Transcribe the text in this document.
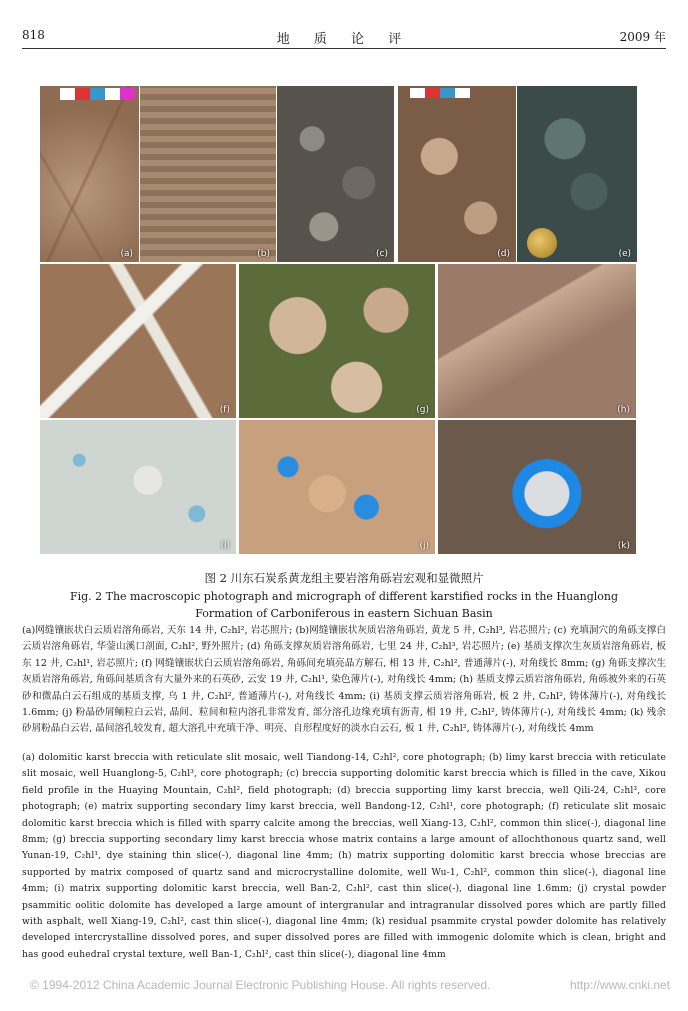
818	地 质 论 评	2009 年
(a)	(b)	(c)	(d)	(e)
(f)	(g)	(h)
(i)	(j)	(k)
图 2 川东石炭系黄龙组主要岩溶角砾岩宏观和显微照片
Fig. 2 The macroscopic photograph and micrograph of different karstified rocks in the Huanglong Formation of Carboniferous in eastern Sichuan Basin
(a)网缝镶嵌状白云质岩溶角砾岩, 天东 14 井, C₂hl², 岩芯照片; (b)网缝镶嵌状灰质岩溶角砾岩, 黄龙 5 井, C₂hl³, 岩芯照片; (c) 充填洞穴的角砾支撑白云质岩溶角砾岩, 华蓥山溪口剖面, C₂hl², 野外照片; (d) 角砾支撑灰质岩溶角砾岩, 七里 24 井, C₂hl³, 岩芯照片; (e) 基质支撑次生灰质岩溶角砾岩, 板东 12 井, C₂hl¹, 岩芯照片; (f) 网缝镶嵌状白云质岩溶角砾岩, 角砾间充填亮晶方解石, 相 13 井, C₂hl², 普通薄片(-), 对角线长 8mm; (g) 角砾支撑次生灰质岩溶角砾岩, 角砾间基质含有大量外来的石英砂, 云安 19 井, C₂hl¹, 染色薄片(-), 对角线长 4mm; (h) 基质支撑云质岩溶角砾岩, 角砾被外来的石英砂和微晶白云石组成的基质支撑, 乌 1 井, C₂hl², 普通薄片(-), 对角线长 4mm; (i) 基质支撑云质岩溶角砾岩, 板 2 井, C₂hl², 铸体薄片(-), 对角线长 1.6mm; (j) 粉晶砂屑鲕粒白云岩, 晶间、粒间和粒内溶孔非常发育, 部分溶孔边缘充填有沥青, 相 19 井, C₂hl², 铸体薄片(-), 对角线长 4mm; (k) 残余砂屑粉晶白云岩, 晶间溶孔较发育, 超大溶孔中充填干净、明亮、自形程度好的淡水白云石, 板 1 井, C₂hl², 铸体薄片(-), 对角线长 4mm
(a) dolomitic karst breccia with reticulate slit mosaic, well Tiandong-14, C₂hl², core photograph; (b) limy karst breccia with reticulate slit mosaic, well Huanglong-5, C₂hl³, core photograph; (c) breccia supporting dolomitic karst breccia which is filled in the cave, Xikou field profile in the Huaying Mountain, C₂hl², field photograph; (d) breccia supporting limy karst breccia, well Qili-24, C₂hl³, core photograph; (e) matrix supporting secondary limy karst breccia, well Bandong-12, C₂hl¹, core photograph; (f) reticulate slit mosaic dolomitic karst breccia which is filled with sparry calcite among the breccias, well Xiang-13, C₂hl², common thin slice(-), diagonal line 8mm; (g) breccia supporting secondary limy karst breccia whose matrix contains a large amount of allochthonous quartz sand, well Yunan-19, C₂hl¹, dye staining thin slice(-), diagonal line 4mm; (h) matrix supporting dolomitic karst breccia whose breccias are supported by matrix composed of quartz sand and microcrystalline dolomite, well Wu-1, C₂hl², common thin slice(-), diagonal line 4mm; (i) matrix supporting dolomitic karst breccia, well Ban-2, C₂hl², cast thin slice(-), diagonal line 1.6mm; (j) crystal powder psammitic oolitic dolomite has developed a large amount of intergranular and intragranular dissolved pores which are partly filled with asphalt, well Xiang-19, C₂hl², cast thin slice(-), diagonal line 4mm; (k) residual psammite crystal powder dolomite has relatively developed intercrystalline dissolved pores, and super dissolved pores are filled with immogenic dolomite which is clean, bright and has good euhedral crystal texture, well Ban-1, C₂hl², cast thin slice(-), diagonal line 4mm
© 1994-2012 China Academic Journal Electronic Publishing House. All rights reserved.	http://www.cnki.net
